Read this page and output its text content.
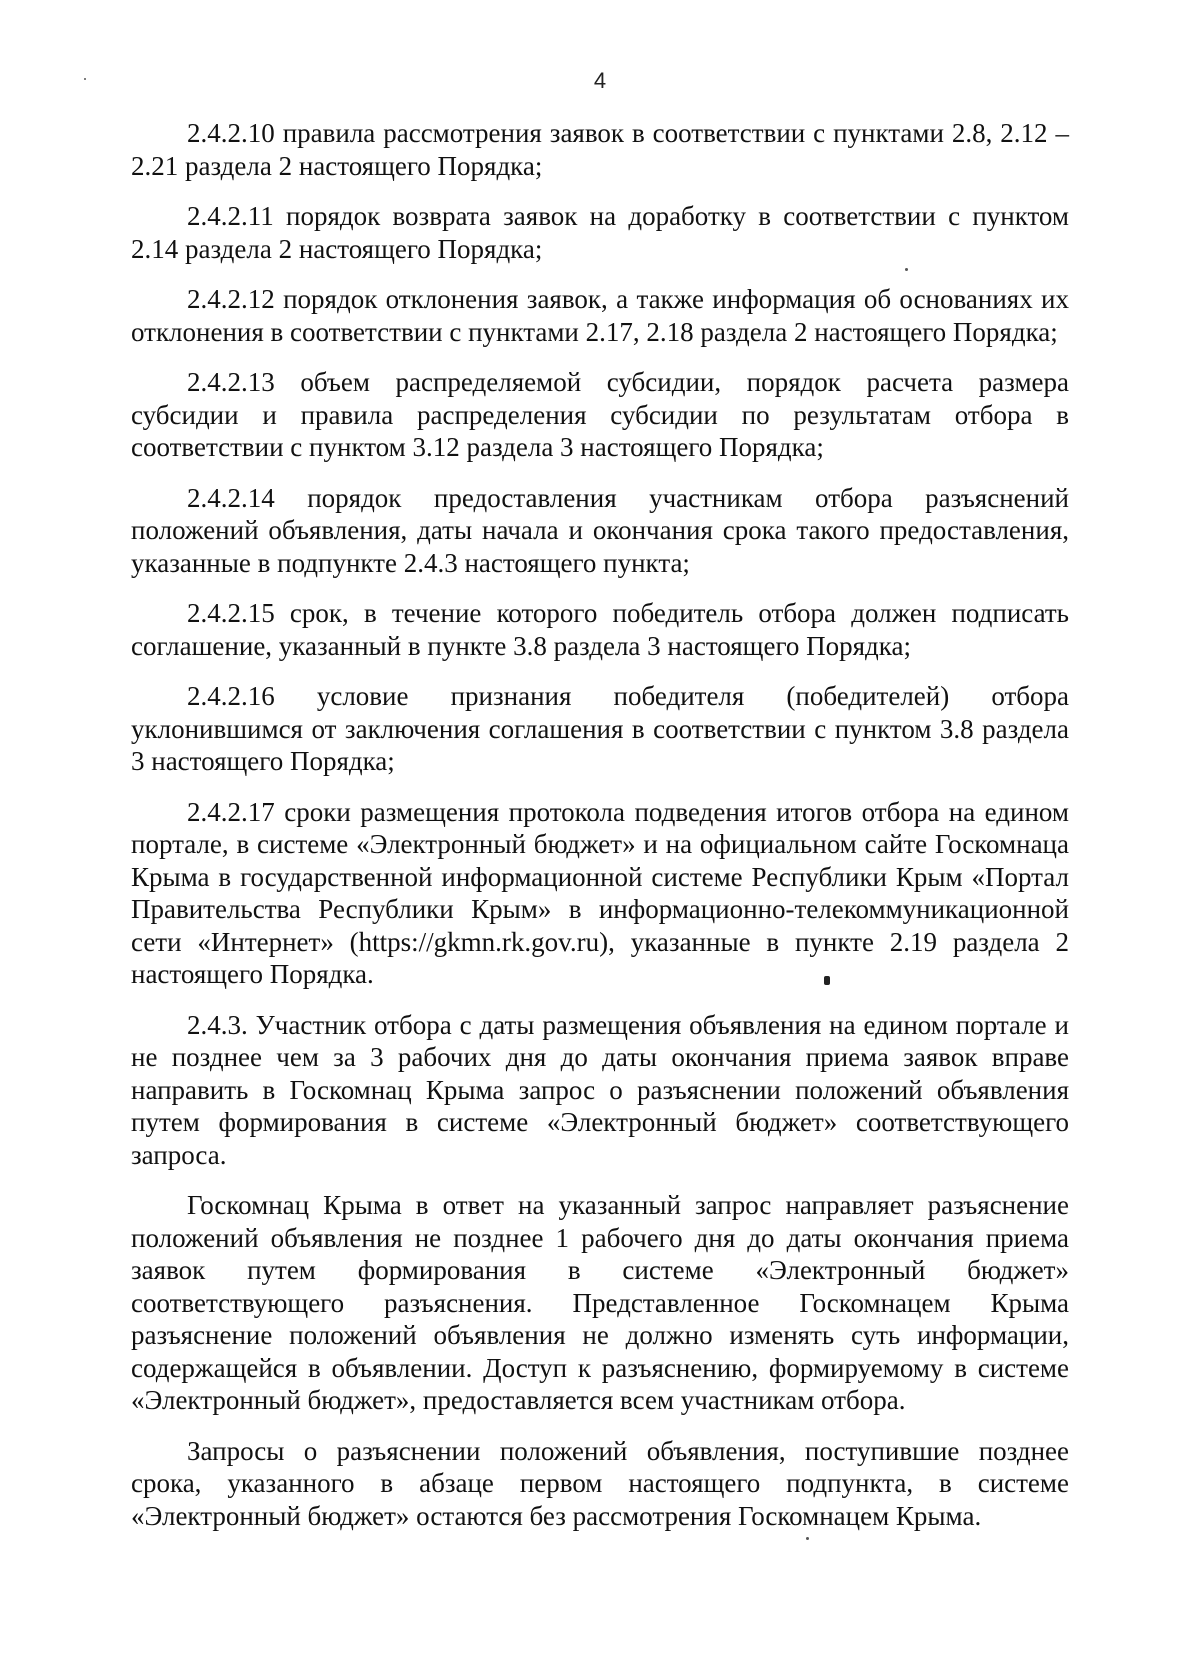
4

2.4.2.10 правила рассмотрения заявок в соответствии с пунктами 2.8, 2.12 – 2.21 раздела 2 настоящего Порядка;

2.4.2.11 порядок возврата заявок на доработку в соответствии с пунктом 2.14 раздела 2 настоящего Порядка;

2.4.2.12 порядок отклонения заявок, а также информация об основаниях их отклонения в соответствии с пунктами 2.17, 2.18 раздела 2 настоящего Порядка;

2.4.2.13 объем распределяемой субсидии, порядок расчета размера субсидии и правила распределения субсидии по результатам отбора в соответствии с пунктом 3.12 раздела 3 настоящего Порядка;

2.4.2.14 порядок предоставления участникам отбора разъяснений положений объявления, даты начала и окончания срока такого предоставления, указанные в подпункте 2.4.3 настоящего пункта;

2.4.2.15 срок, в течение которого победитель отбора должен подписать соглашение, указанный в пункте 3.8 раздела 3 настоящего Порядка;

2.4.2.16 условие признания победителя (победителей) отбора уклонившимся от заключения соглашения в соответствии с пунктом 3.8 раздела 3 настоящего Порядка;

2.4.2.17 сроки размещения протокола подведения итогов отбора на едином портале, в системе «Электронный бюджет» и на официальном сайте Госкомнаца Крыма в государственной информационной системе Республики Крым «Портал Правительства Республики Крым» в информационно-телекоммуникационной сети «Интернет» (https://gkmn.rk.gov.ru), указанные в пункте 2.19 раздела 2 настоящего Порядка.

2.4.3. Участник отбора с даты размещения объявления на едином портале и не позднее чем за 3 рабочих дня до даты окончания приема заявок вправе направить в Госкомнац Крыма запрос о разъяснении положений объявления путем формирования в системе «Электронный бюджет» соответствующего запроса.

Госкомнац Крыма в ответ на указанный запрос направляет разъяснение положений объявления не позднее 1 рабочего дня до даты окончания приема заявок путем формирования в системе «Электронный бюджет» соответствующего разъяснения. Представленное Госкомнацем Крыма разъяснение положений объявления не должно изменять суть информации, содержащейся в объявлении. Доступ к разъяснению, формируемому в системе «Электронный бюджет», предоставляется всем участникам отбора.

Запросы о разъяснении положений объявления, поступившие позднее срока, указанного в абзаце первом настоящего подпункта, в системе «Электронный бюджет» остаются без рассмотрения Госкомнацем Крыма.
